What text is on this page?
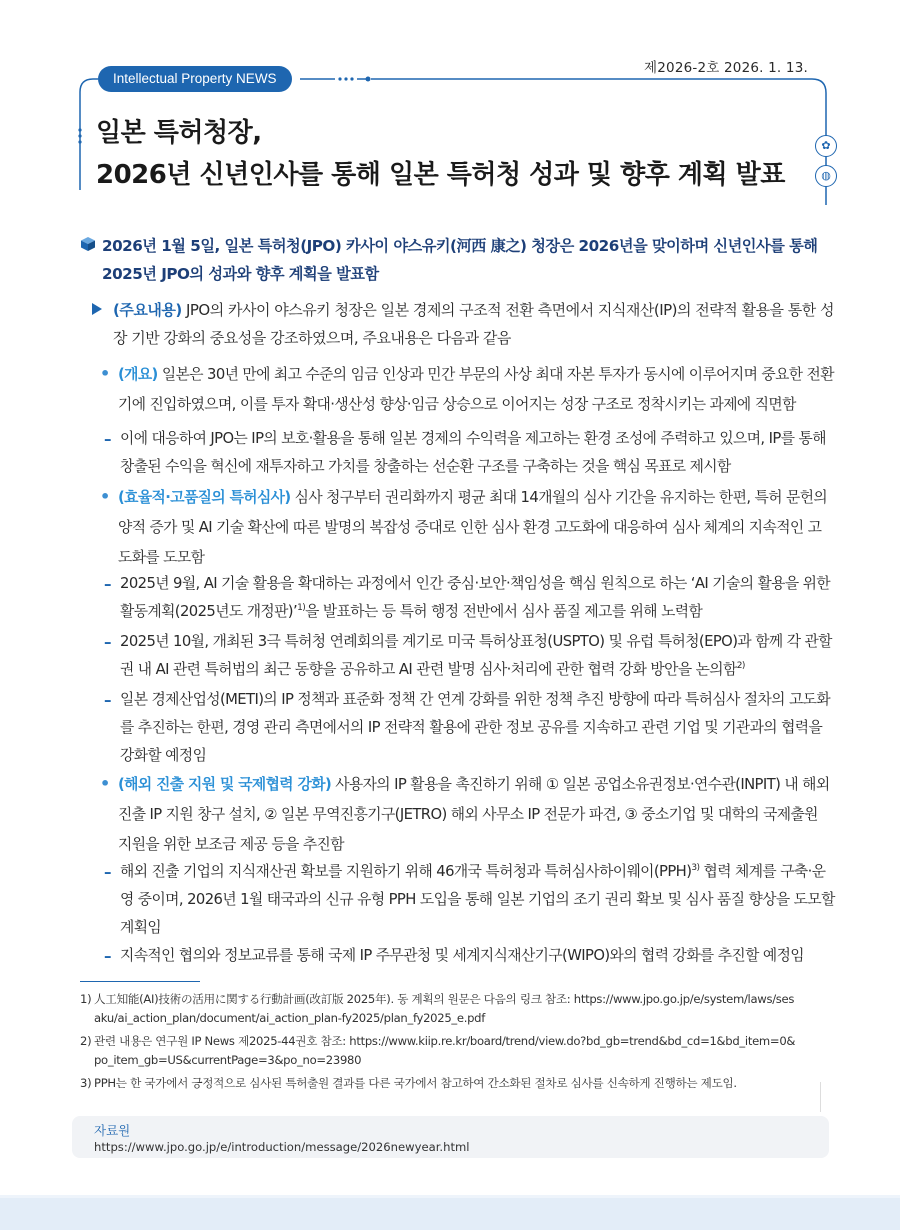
제2026-2호 2026. 1. 13.
Intellectual Property NEWS
✿
◍
일본 특허청장,
2026년 신년인사를 통해 일본 특허청 성과 및 향후 계획 발표
2026년 1월 5일, 일본 특허청(JPO) 카사이 야스유키(河西 康之) 청장은 2026년을 맞이하며 신년인사를 통해 2025년 JPO의 성과와 향후 계획을 발표함
(주요내용) JPO의 카사이 야스유키 청장은 일본 경제의 구조적 전환 측면에서 지식재산(IP)의 전략적 활용을 통한 성장 기반 강화의 중요성을 강조하였으며, 주요내용은 다음과 같음
• (개요) 일본은 30년 만에 최고 수준의 임금 인상과 민간 부문의 사상 최대 자본 투자가 동시에 이루어지며 중요한 전환기에 진입하였으며, 이를 투자 확대·생산성 향상·임금 상승으로 이어지는 성장 구조로 정착시키는 과제에 직면함
– 이에 대응하여 JPO는 IP의 보호·활용을 통해 일본 경제의 수익력을 제고하는 환경 조성에 주력하고 있으며, IP를 통해 창출된 수익을 혁신에 재투자하고 가치를 창출하는 선순환 구조를 구축하는 것을 핵심 목표로 제시함
• (효율적·고품질의 특허심사) 심사 청구부터 권리화까지 평균 최대 14개월의 심사 기간을 유지하는 한편, 특허 문헌의 양적 증가 및 AI 기술 확산에 따른 발명의 복잡성 증대로 인한 심사 환경 고도화에 대응하여 심사 체계의 지속적인 고도화를 도모함
– 2025년 9월, AI 기술 활용을 확대하는 과정에서 인간 중심·보안·책임성을 핵심 원칙으로 하는 ‘AI 기술의 활용을 위한 활동계획(2025년도 개정판)’$^{1)}$을 발표하는 등 특허 행정 전반에서 심사 품질 제고를 위해 노력함
– 2025년 10월, 개최된 3극 특허청 연례회의를 계기로 미국 특허상표청(USPTO) 및 유럽 특허청(EPO)과 함께 각 관할권 내 AI 관련 특허법의 최근 동향을 공유하고 AI 관련 발명 심사·처리에 관한 협력 강화 방안을 논의함$^{2)}$
– 일본 경제산업성(METI)의 IP 정책과 표준화 정책 간 연계 강화를 위한 정책 추진 방향에 따라 특허심사 절차의 고도화를 추진하는 한편, 경영 관리 측면에서의 IP 전략적 활용에 관한 정보 공유를 지속하고 관련 기업 및 기관과의 협력을 강화할 예정임
• (해외 진출 지원 및 국제협력 강화) 사용자의 IP 활용을 촉진하기 위해 ① 일본 공업소유권정보·연수관(INPIT) 내 해외 진출 IP 지원 창구 설치, ② 일본 무역진흥기구(JETRO) 해외 사무소 IP 전문가 파견, ③ 중소기업 및 대학의 국제출원 지원을 위한 보조금 제공 등을 추진함
– 해외 진출 기업의 지식재산권 확보를 지원하기 위해 46개국 특허청과 특허심사하이웨이(PPH)$^{3)}$ 협력 체계를 구축·운영 중이며, 2026년 1월 태국과의 신규 유형 PPH 도입을 통해 일본 기업의 조기 권리 확보 및 심사 품질 향상을 도모할 계획임
– 지속적인 협의와 정보교류를 통해 국제 IP 주무관청 및 세계지식재산기구(WIPO)와의 협력 강화를 추진할 예정임
1) 人工知能(AI)技術の活用に関する行動計画(改訂版 2025年). 동 계획의 원문은 다음의 링크 참조: https://www.jpo.go.jp/e/system/laws/ses aku/ai_action_plan/document/ai_action_plan-fy2025/plan_fy2025_e.pdf
2) 관련 내용은 연구원 IP News 제2025-44권호 참조: https://www.kiip.re.kr/board/trend/view.do?bd_gb=trend&bd_cd=1&bd_item=0& po_item_gb=US&currentPage=3&po_no=23980
3) PPH는 한 국가에서 긍정적으로 심사된 특허출원 결과를 다른 국가에서 참고하여 간소화된 절차로 심사를 신속하게 진행하는 제도임.
자료원
https://www.jpo.go.jp/e/introduction/message/2026newyear.html
